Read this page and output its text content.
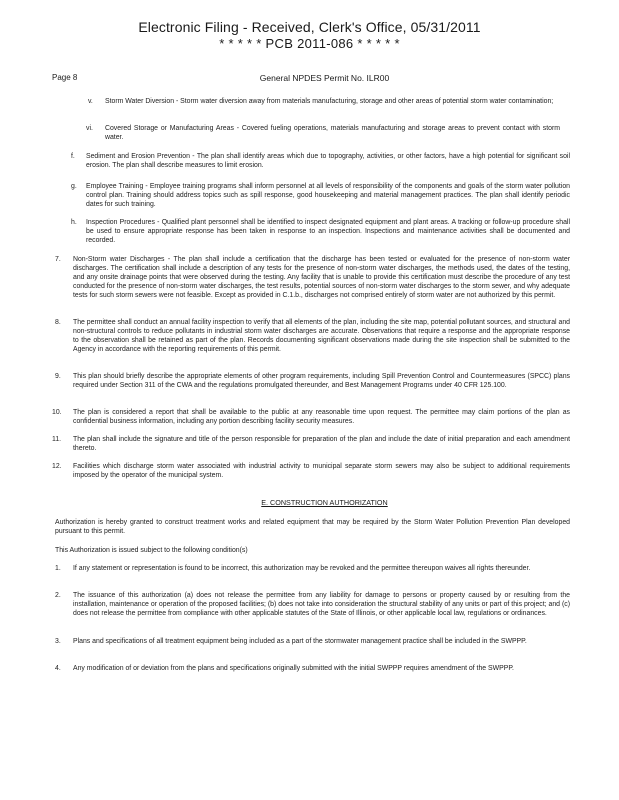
Electronic Filing - Received, Clerk's Office, 05/31/2011
* * * * * PCB 2011-086 * * * * *
Page 8	General NPDES Permit No. ILR00
v. Storm Water Diversion - Storm water diversion away from materials manufacturing, storage and other areas of potential storm water contamination;
vi. Covered Storage or Manufacturing Areas - Covered fueling operations, materials manufacturing and storage areas to prevent contact with storm water.
f. Sediment and Erosion Prevention - The plan shall identify areas which due to topography, activities, or other factors, have a high potential for significant soil erosion. The plan shall describe measures to limit erosion.
g. Employee Training - Employee training programs shall inform personnel at all levels of responsibility of the components and goals of the storm water pollution control plan. Training should address topics such as spill response, good housekeeping and material management practices. The plan shall identify periodic dates for such training.
h. Inspection Procedures - Qualified plant personnel shall be identified to inspect designated equipment and plant areas. A tracking or follow-up procedure shall be used to ensure appropriate response has been taken in response to an inspection. Inspections and maintenance activities shall be documented and recorded.
7. Non-Storm water Discharges - The plan shall include a certification that the discharge has been tested or evaluated for the presence of non-storm water discharges. The certification shall include a description of any tests for the presence of non-storm water discharges, the methods used, the dates of the testing, and any onsite drainage points that were observed during the testing. Any facility that is unable to provide this certification must describe the procedure of any test conducted for the presence of non-storm water discharges, the test results, potential sources of non-storm water discharges to the storm sewer, and why adequate tests for such storm sewers were not feasible. Except as provided in C.1.b., discharges not comprised entirely of storm water are not authorized by this permit.
8. The permittee shall conduct an annual facility inspection to verify that all elements of the plan, including the site map, potential pollutant sources, and structural and non-structural controls to reduce pollutants in industrial storm water discharges are accurate. Observations that require a response and the appropriate response to the observation shall be retained as part of the plan. Records documenting significant observations made during the site inspection shall be submitted to the Agency in accordance with the reporting requirements of this permit.
9. This plan should briefly describe the appropriate elements of other program requirements, including Spill Prevention Control and Countermeasures (SPCC) plans required under Section 311 of the CWA and the regulations promulgated thereunder, and Best Management Programs under 40 CFR 125.100.
10. The plan is considered a report that shall be available to the public at any reasonable time upon request. The permittee may claim portions of the plan as confidential business information, including any portion describing facility security measures.
11. The plan shall include the signature and title of the person responsible for preparation of the plan and include the date of initial preparation and each amendment thereto.
12. Facilities which discharge storm water associated with industrial activity to municipal separate storm sewers may also be subject to additional requirements imposed by the operator of the municipal system.
E. CONSTRUCTION AUTHORIZATION
Authorization is hereby granted to construct treatment works and related equipment that may be required by the Storm Water Pollution Prevention Plan developed pursuant to this permit.
This Authorization is issued subject to the following condition(s)
1. If any statement or representation is found to be incorrect, this authorization may be revoked and the permittee thereupon waives all rights thereunder.
2. The issuance of this authorization (a) does not release the permittee from any liability for damage to persons or property caused by or resulting from the installation, maintenance or operation of the proposed facilities; (b) does not take into consideration the structural stability of any units or part of this project; and (c) does not release the permittee from compliance with other applicable statutes of the State of Illinois, or other applicable local law, regulations or ordinances.
3. Plans and specifications of all treatment equipment being included as a part of the stormwater management practice shall be included in the SWPPP.
4. Any modification of or deviation from the plans and specifications originally submitted with the initial SWPPP requires amendment of the SWPPP.
